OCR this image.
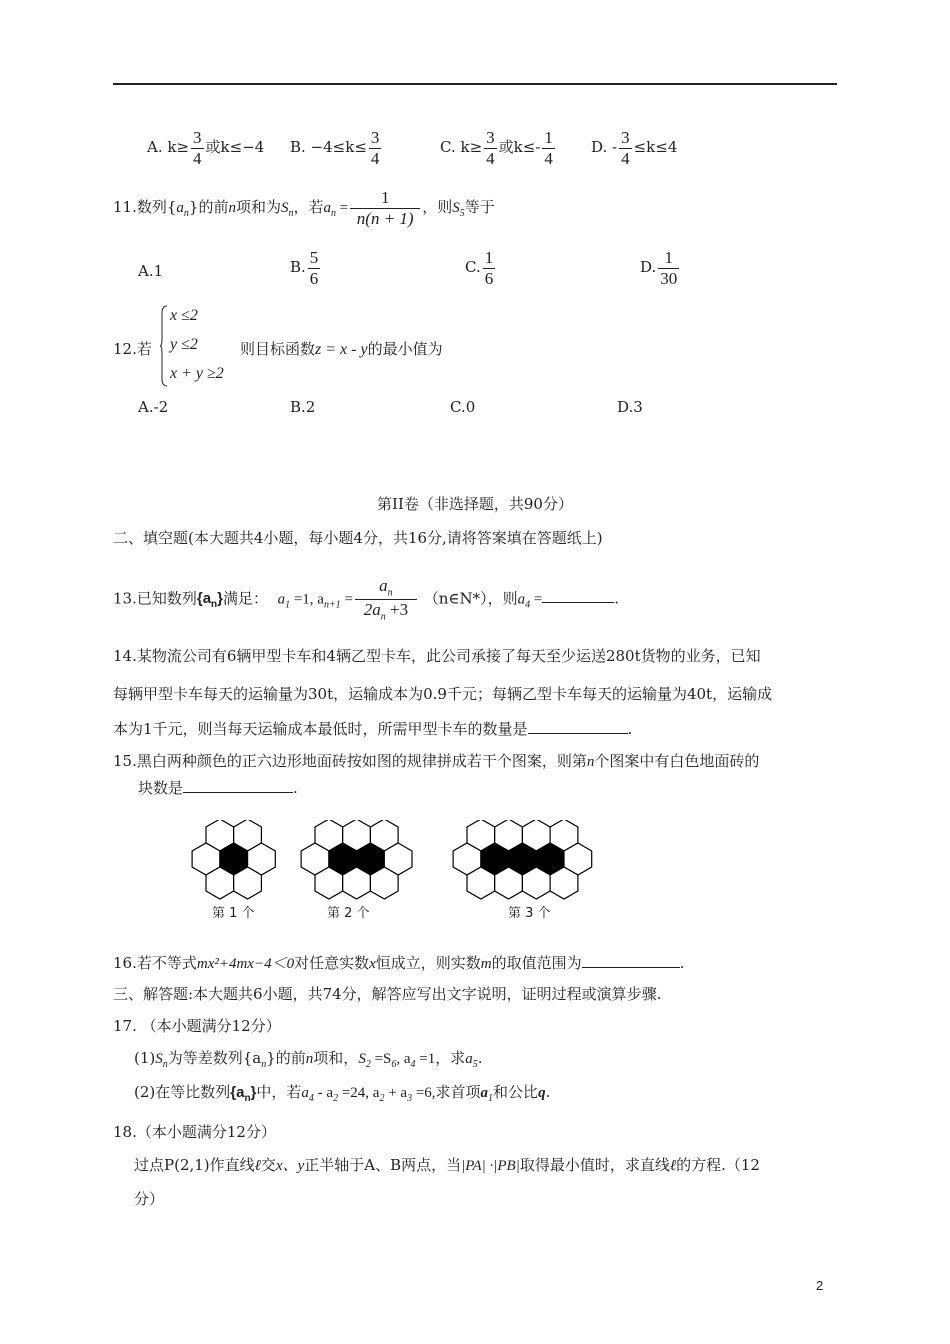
A. $k\ge \frac{3}{4}$ 或k≤−4 B. $-4\le k\le \frac{3}{4}$	C. $k\ge \frac{3}{4}$ 或$k\le- \frac{1}{4} D$. - $\frac{3}{4} \le k\le 4$
11.数列$\{a_n\}$的前n项和为$S_n$，若$a_n = \frac{1}{n(n + 1)}$ ，则$S_5$等于
A.1	B. $\frac{5}{6}$	C. $\frac{1}{6}$	D. $\frac{1}{30}$
12.若
x ≤2
y ≤2
x + y ≥2
则目标函数z = x - y的最小值为
A.-2	B.2	C.0	D.3
第II卷（非选择题，共90分）
二、填空题(本大题共4小题，每小题4分，共16分,请将答案填在答题纸上)
13.已知数列$\{a_n\}$满足： $a_1 =1$, $a_{n+1} = \frac{a_n}{2a_n +3}$ （n∈N*），则$a_4$ =	.
14.某物流公司有6辆甲型卡车和4辆乙型卡车，此公司承接了每天至少运送280t货物的业务，已知
每辆甲型卡车每天的运输量为30t，运输成本为0.9千元；每辆乙型卡车每天的运输量为40t，运输成
本为1千元，则当每天运输成本最低时，所需甲型卡车的数量是	.
15.黑白两种颜色的正六边形地面砖按如图的规律拼成若干个图案，则第n个图案中有白色地面砖的
块数是	.
第 1 个	第 2 个	第 3 个
16.若不等式mx²+4mx−4＜0对任意实数x恒成立，则实数m的取值范围为	.
三、解答题:本大题共6小题，共74分，解答应写出文字说明，证明过程或演算步骤.
17. （本小题满分12分）
$(1)S_n$为等差数列$\{a_n\}$的前n项和，$S_2 =S_6$, $a_4 =1$，求$a_5$.
(2)在等比数列$\{a_n\}$中，若$a_4 - a_2 =24$, $a_2 + a_3 =6$,求首项$a_1$和公比q.
18.（本小题满分12分）
过点P(2,1)作直线ℓ交x、y正半轴于A、B两点，当|PA| ·|PB|取得最小值时，求直线ℓ的方程.（12
分）
2
